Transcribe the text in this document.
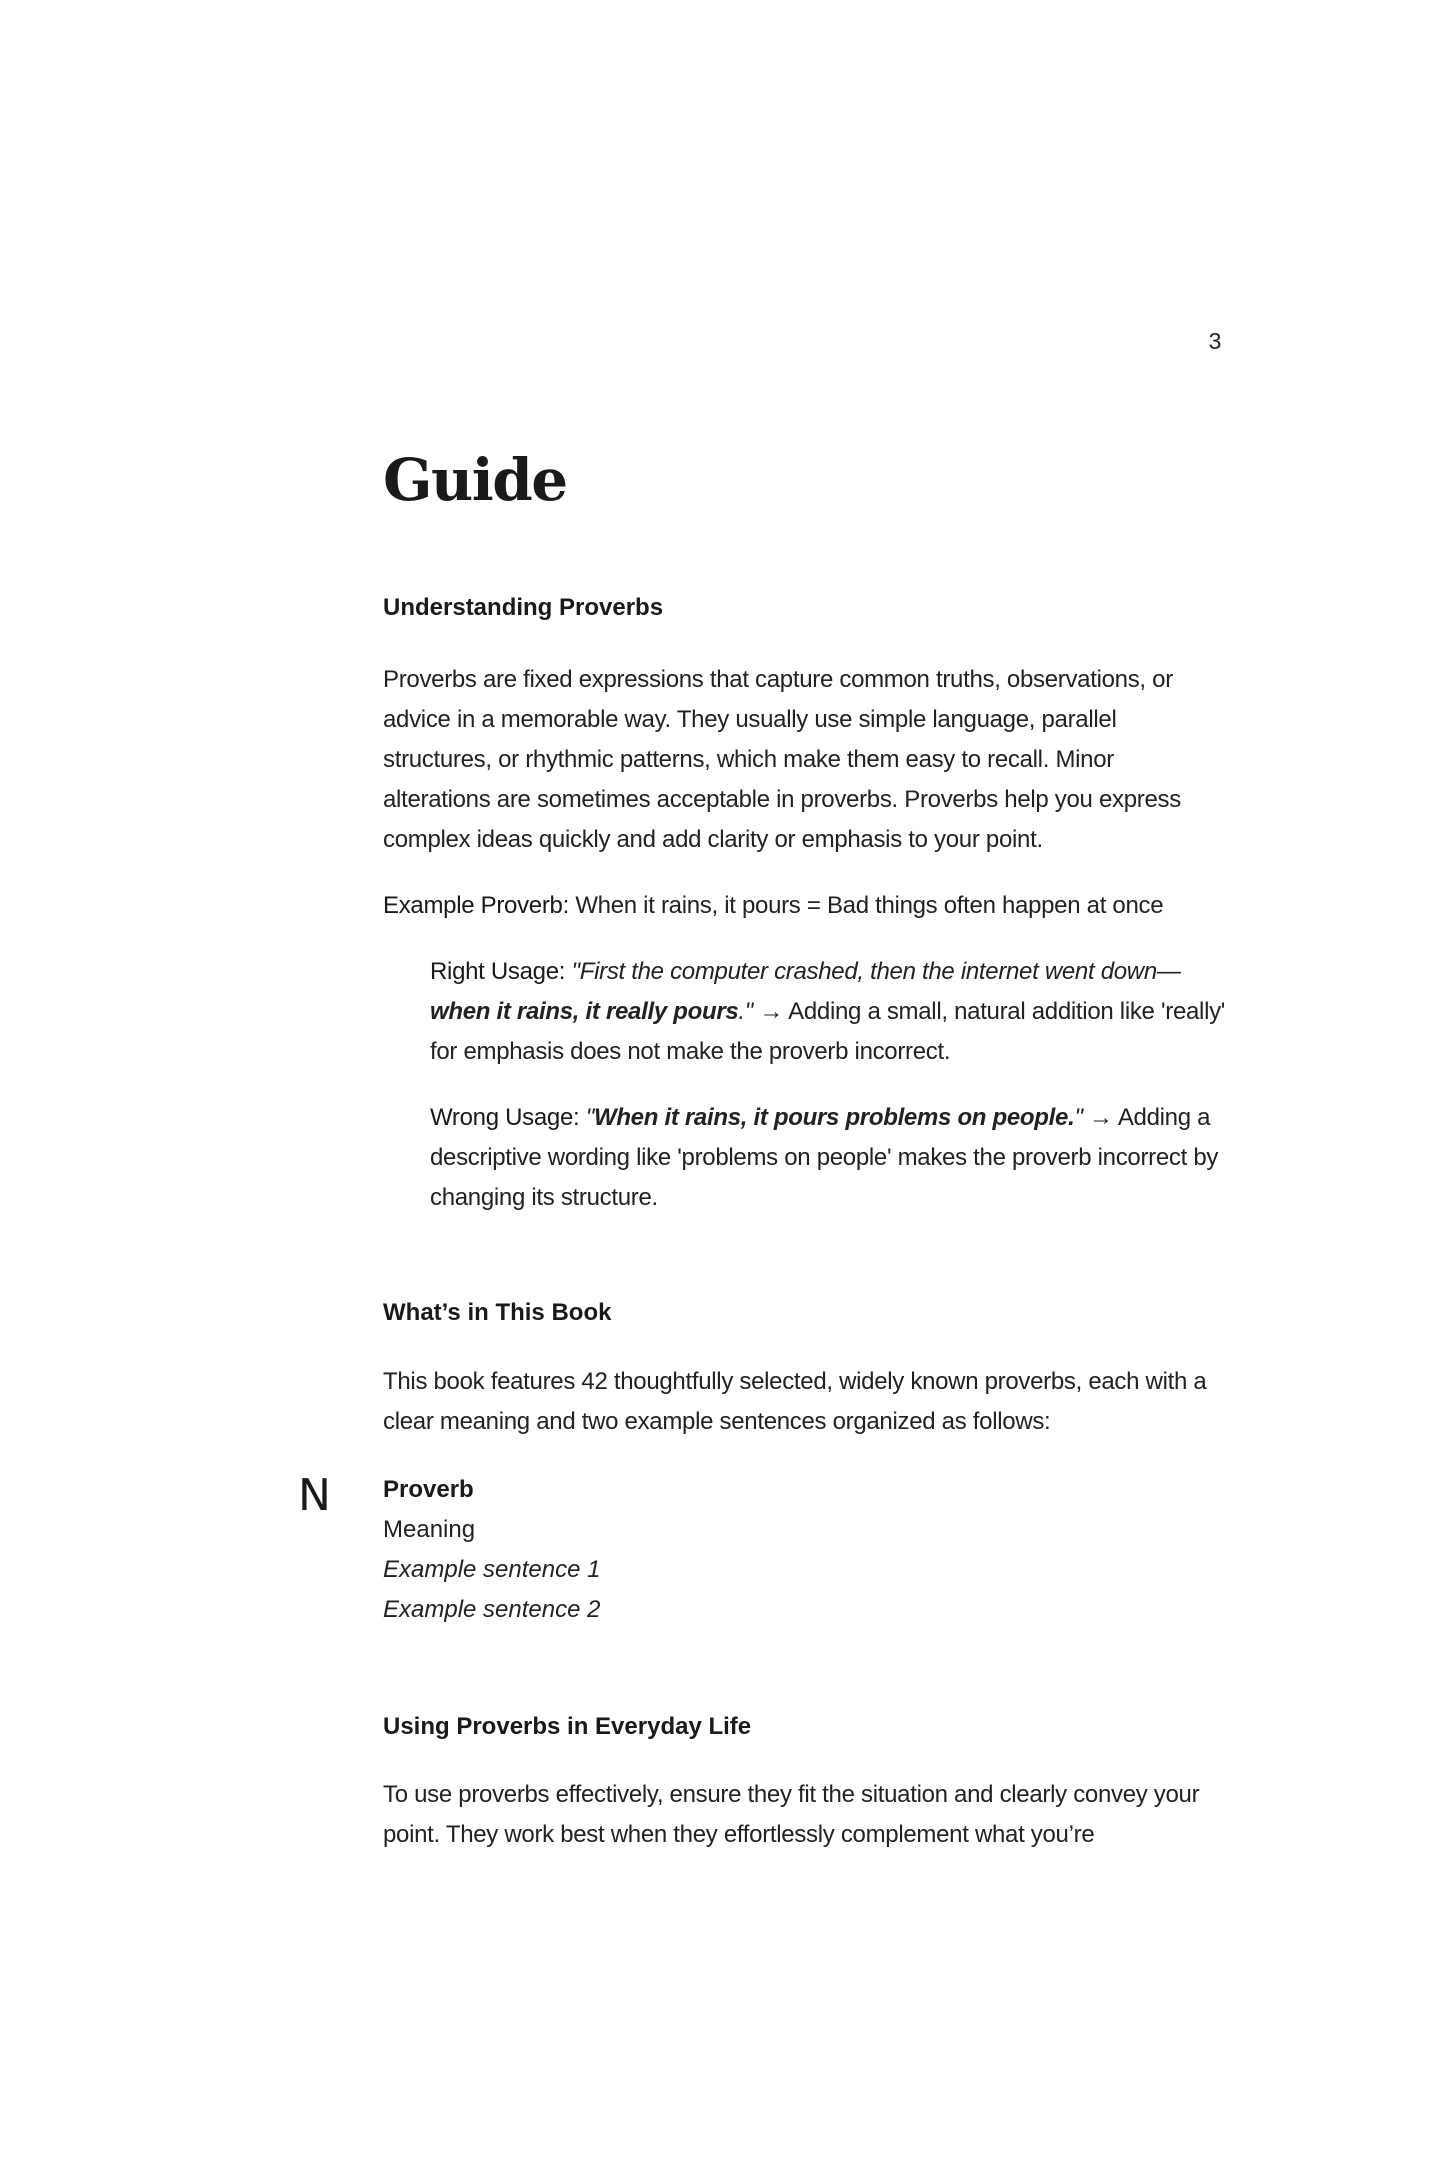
3
Guide
Understanding Proverbs

Proverbs are fixed expressions that capture common truths, observations, or advice in a memorable way. They usually use simple language, parallel structures, or rhythmic patterns, which make them easy to recall. Minor alterations are sometimes acceptable in proverbs. Proverbs help you express complex ideas quickly and add clarity or emphasis to your point.

Example Proverb: When it rains, it pours = Bad things often happen at once

Right Usage: "First the computer crashed, then the internet went down—when it rains, it really pours." → Adding a small, natural addition like 'really' for emphasis does not make the proverb incorrect.

Wrong Usage: "When it rains, it pours problems on people." → Adding a descriptive wording like 'problems on people' makes the proverb incorrect by changing its structure.

What’s in This Book

This book features 42 thoughtfully selected, widely known proverbs, each with a clear meaning and two example sentences organized as follows:

Proverb
Meaning
Example sentence 1
Example sentence 2
Using Proverbs in Everyday Life

To use proverbs effectively, ensure they fit the situation and clearly convey your point. They work best when they effortlessly complement what you’re

N
